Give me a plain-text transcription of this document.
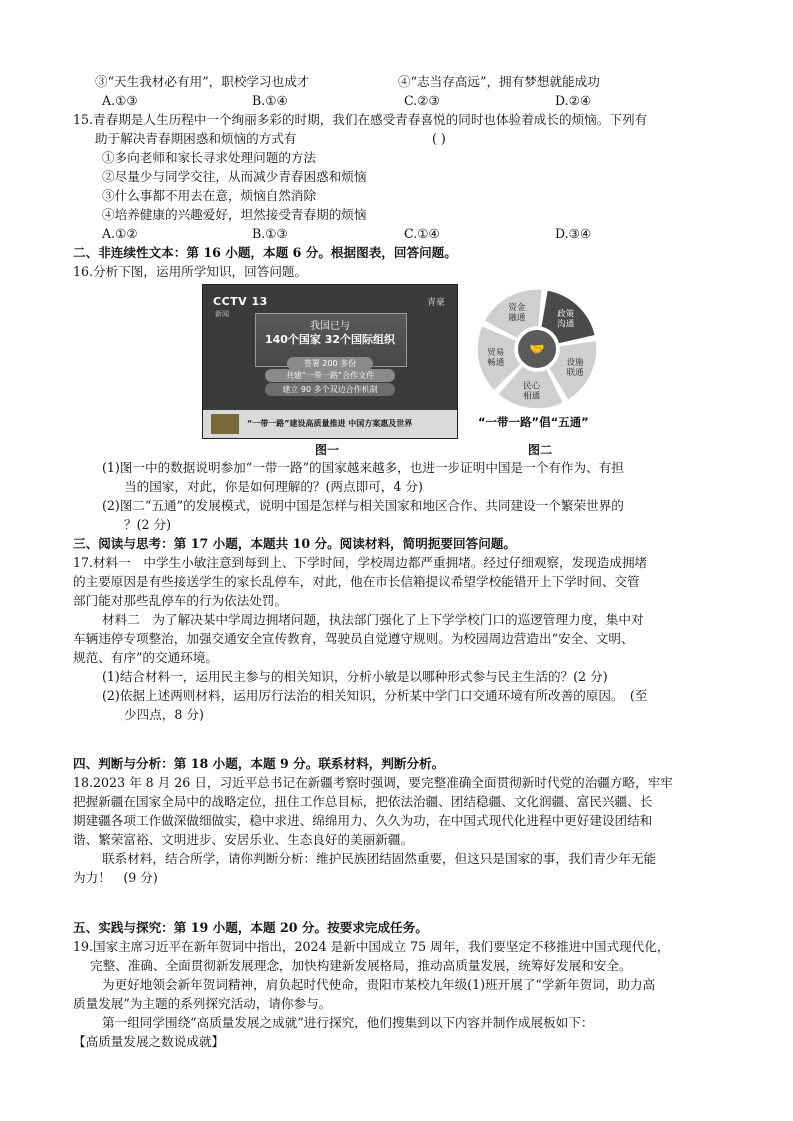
③“天生我材必有用”，职校学习也成才	④“志当存高远”，拥有梦想就能成功
A.①③	B.①④	C.②③	D.②④
15.青春期是人生历程中一个绚丽多彩的时期，我们在感受青春喜悦的同时也体验着成长的烦恼。下列有
助于解决青春期困惑和烦恼的方式有	( )
①多向老师和家长寻求处理问题的方法
②尽量少与同学交往，从而减少青春困惑和烦恼
③什么事都不用去在意，烦恼自然消除
④培养健康的兴趣爱好，坦然接受青春期的烦恼
A.①②	B.①③	C.①④	D.③④
二、非连续性文本：第 16 小题，本题 6 分。根据图表，回答问题。
16.分析下图，运用所学知识，回答问题。
CCTV 13
新闻
青豪
我国已与
140个国家 32个国际组织
签署 200 多份
共建“一带一路”合作文件
建立 90 多个双边合作机制
“一带一路”建设高质量推进 中国方案惠及世界
图一
🤝
资金
融通	政策
沟通
设施
联通
民心
相通
贸易
畅通
“一带一路”倡“五通”
图二
(1)图一中的数据说明参加“一带一路”的国家越来越多，也进一步证明中国是一个有作为、有担
当的国家，对此，你是如何理解的？(两点即可，4 分)
(2)图二“五通”的发展模式，说明中国是怎样与相关国家和地区合作、共同建设一个繁荣世界的
？(2 分)
三、阅读与思考：第 17 小题，本题共 10 分。阅读材料，简明扼要回答问题。
17.材料一　中学生小敏注意到每到上、下学时间，学校周边都严重拥堵。经过仔细观察，发现造成拥堵
的主要原因是有些接送学生的家长乱停车，对此，他在市长信箱提议希望学校能错开上下学时间、交管
部门能对那些乱停车的行为依法处罚。
材料二　为了解决某中学周边拥堵问题，执法部门强化了上下学学校门口的巡逻管理力度，集中对
车辆违停专项整治，加强交通安全宣传教育，驾驶员自觉遵守规则。为校园周边营造出“安全、文明、
规范、有序”的交通环境。
(1)结合材料一，运用民主参与的相关知识，分析小敏是以哪种形式参与民主生活的？(2 分)
(2)依据上述两则材料，运用厉行法治的相关知识，分析某中学门口交通环境有所改善的原因。　(至
少四点，8 分)
四、判断与分析：第 18 小题，本题 9 分。联系材料，判断分析。
18.2023 年 8 月 26 日，习近平总书记在新疆考察时强调，要完整准确全面贯彻新时代党的治疆方略，牢牢
把握新疆在国家全局中的战略定位，扭住工作总目标，把依法治疆、团结稳疆、文化润疆、富民兴疆、长
期建疆各项工作做深做细做实，稳中求进、绵绵用力、久久为功，在中国式现代化进程中更好建设团结和
谐、繁荣富裕、文明进步、安居乐业、生态良好的美丽新疆。
联系材料，结合所学，请你判断分析：维护民族团结固然重要，但这只是国家的事，我们青少年无能
为力！　(9 分)
五、实践与探究：第 19 小题，本题 20 分。按要求完成任务。
19.国家主席习近平在新年贺词中指出，2024 是新中国成立 75 周年，我们要坚定不移推进中国式现代化，
完整、准确、全面贯彻新发展理念，加快构建新发展格局，推动高质量发展，统筹好发展和安全。
为更好地领会新年贺词精神，肩负起时代使命，贵阳市某校九年级(1)班开展了“学新年贺词，助力高
质量发展”为主题的系列探究活动，请你参与。
第一组同学围绕“高质量发展之成就”进行探究，他们搜集到以下内容并制作成展板如下：
【高质量发展之数说成就】
